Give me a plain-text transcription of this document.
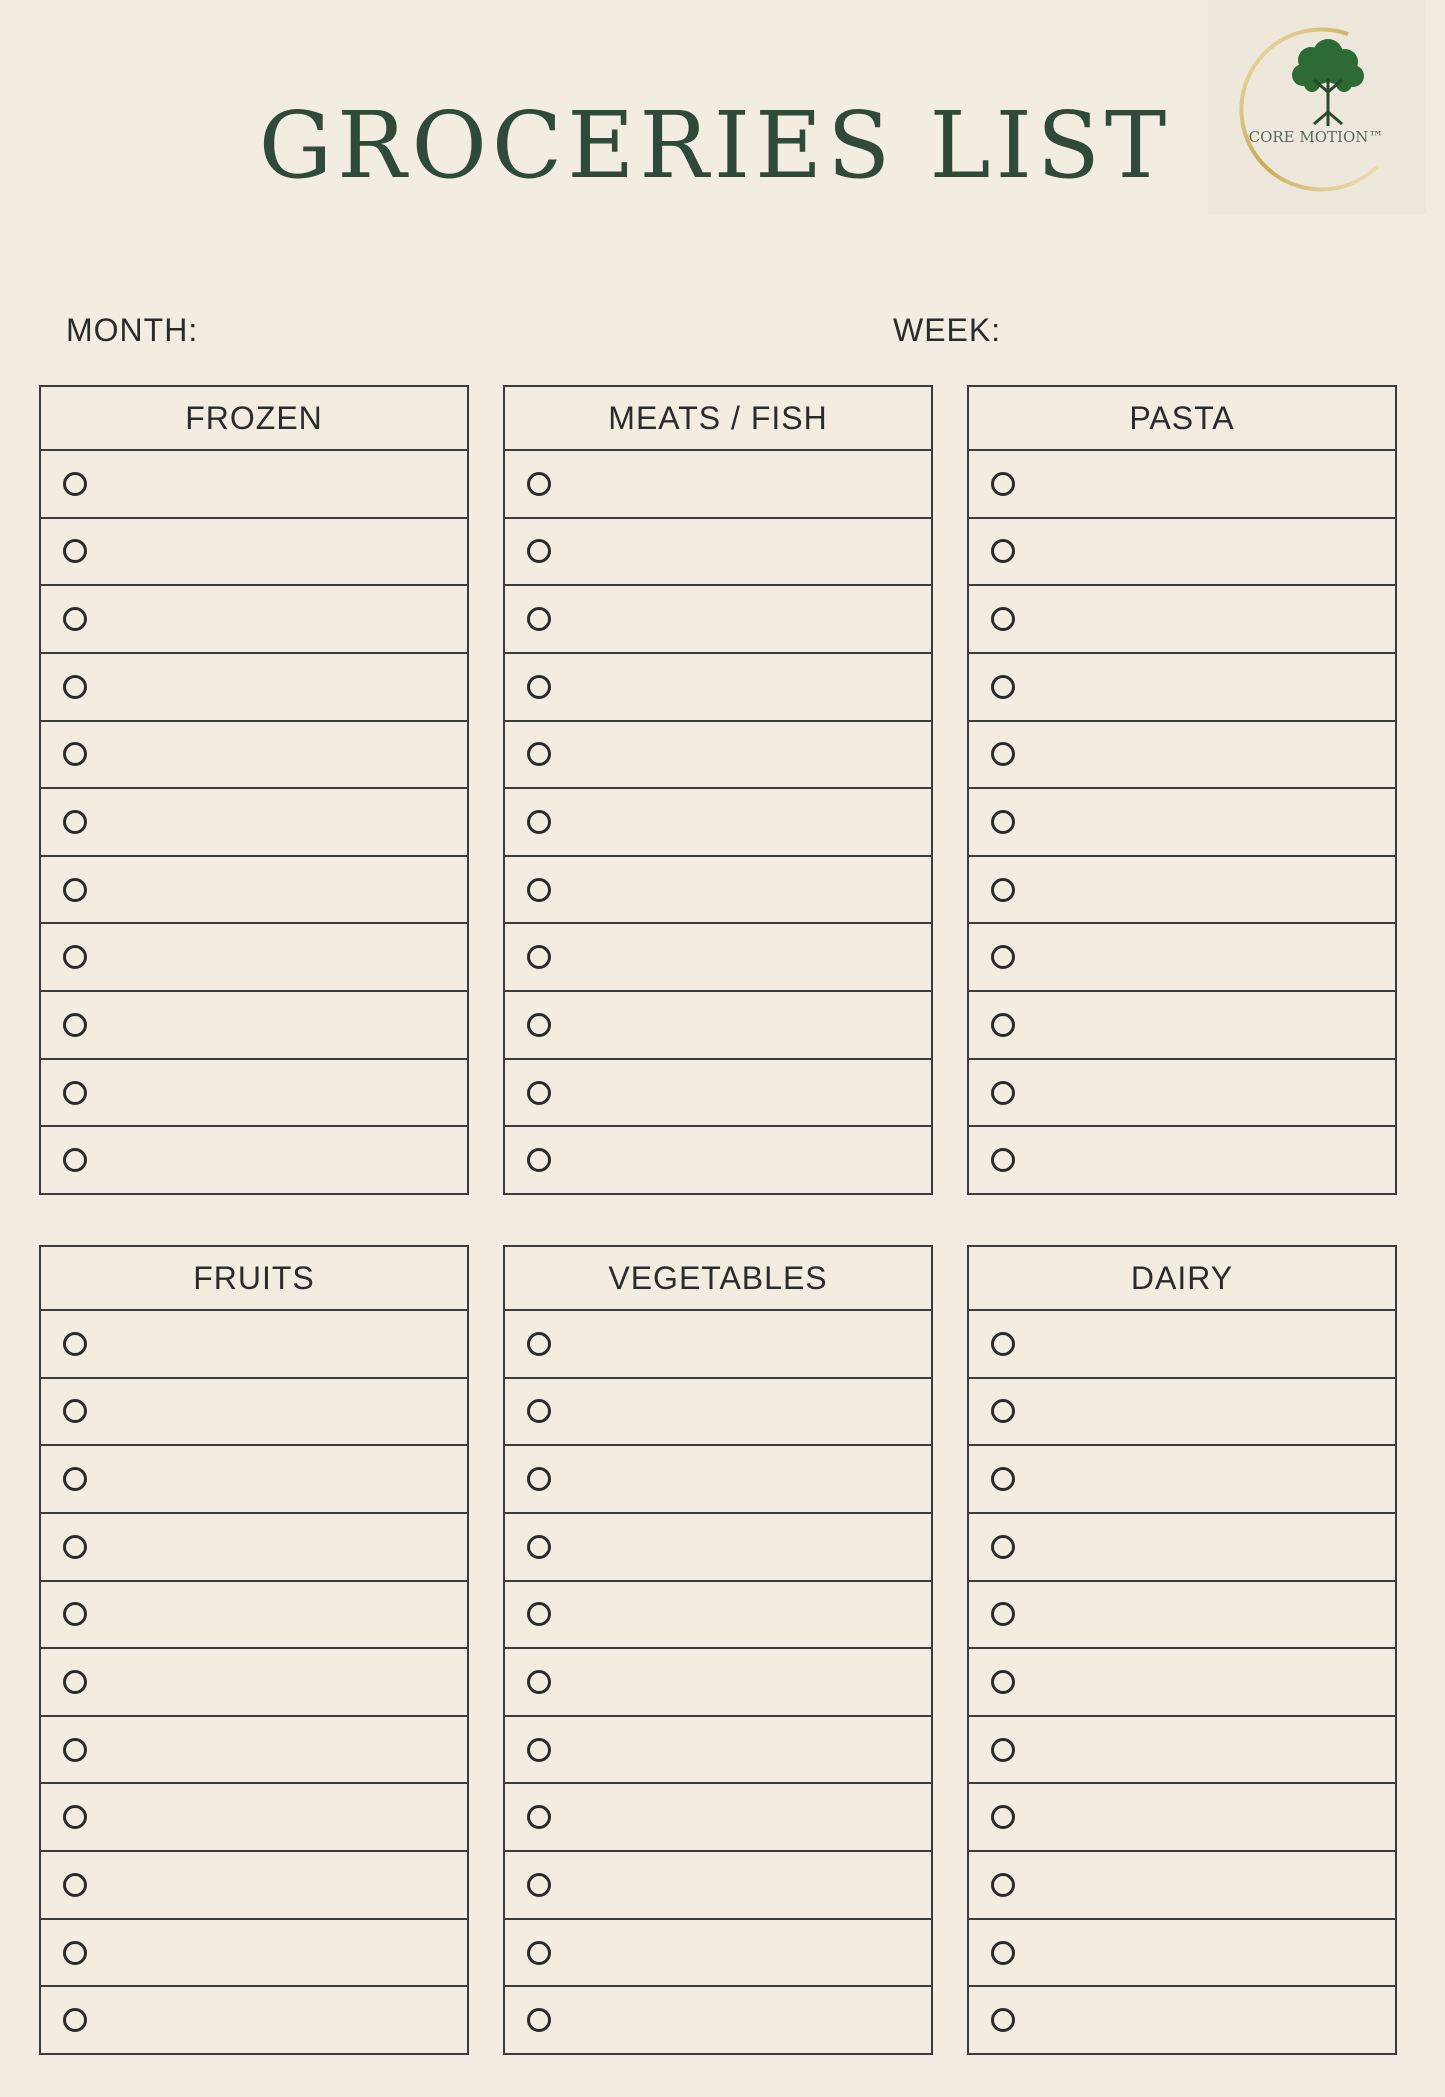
GROCERIES LIST	CORE MOTION™
MONTH:	WEEK:
FROZEN	MEATS / FISH	PASTA
FRUITS	VEGETABLES	DAIRY
